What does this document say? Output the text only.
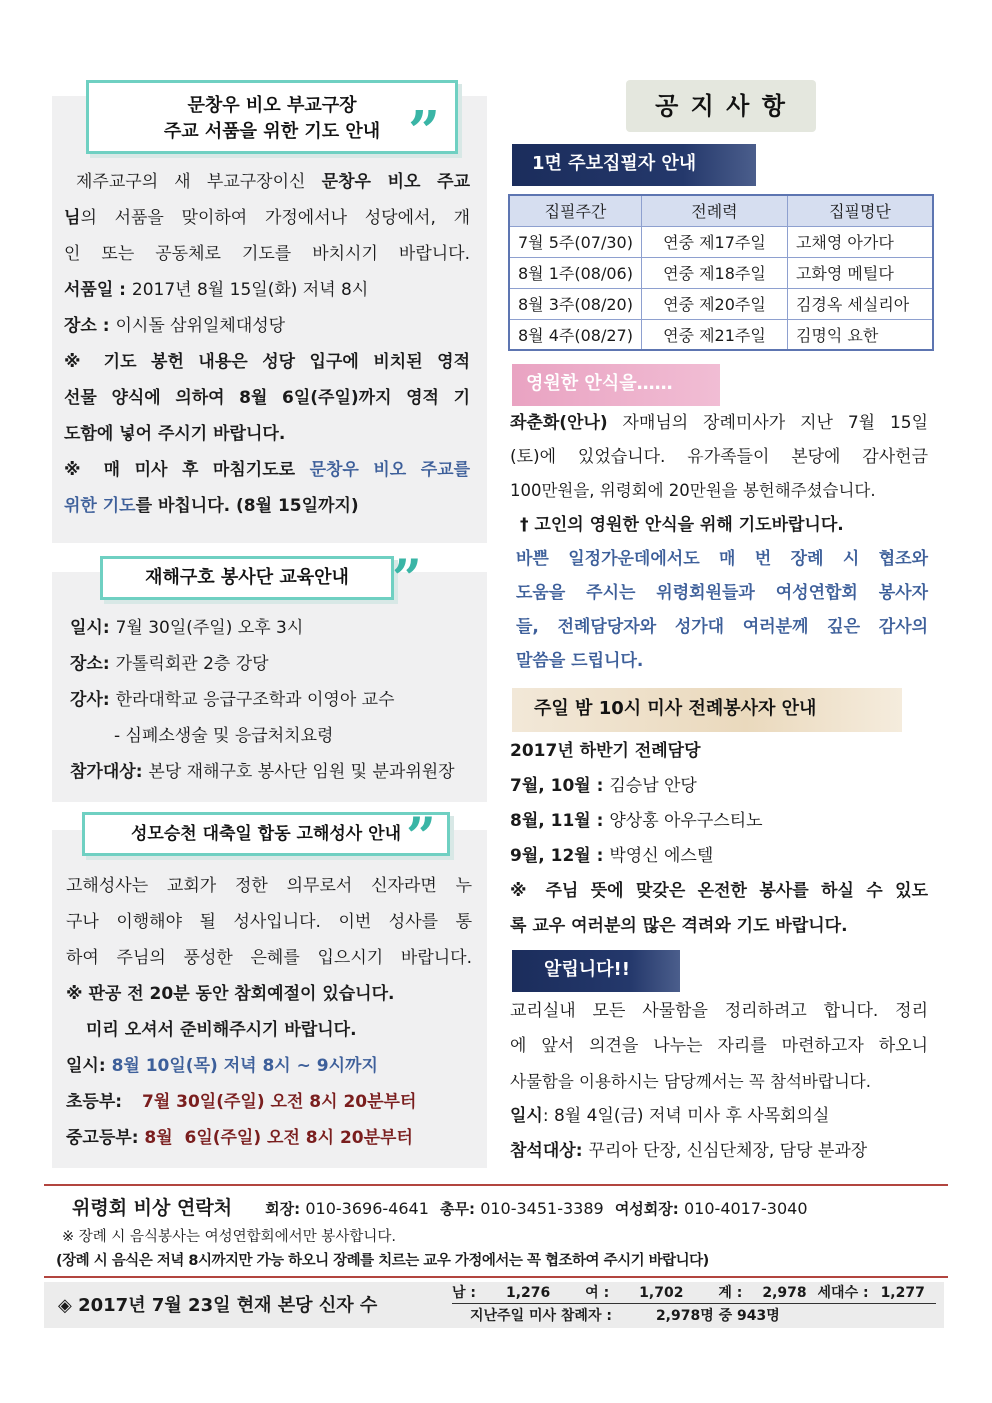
문창우 비오 부교구장
주교 서품을 위한 기도 안내 ”
제주교구의 새 부교구장이신 문창우 비오 주교
님의 서품을 맞이하여 가정에서나 성당에서, 개
인 또는 공동체로 기도를 바치시기 바랍니다.
서품일 : 2017년 8월 15일(화) 저녁 8시
장소 : 이시돌 삼위일체대성당
※ 기도 봉헌 내용은 성당 입구에 비치된 영적
선물 양식에 의하여 8월 6일(주일)까지 영적 기
도함에 넣어 주시기 바랍니다.
※ 매 미사 후 마침기도로 문창우 비오 주교를
위한 기도를 바칩니다. (8월 15일까지)
재해구호 봉사단 교육안내 ”
일시: 7월 30일(주일) 오후 3시
장소: 가톨릭회관 2층 강당
강사: 한라대학교 응급구조학과 이영아 교수
- 심폐소생술 및 응급처치요령
참가대상: 본당 재해구호 봉사단 임원 및 분과위원장
성모승천 대축일 합동 고해성사 안내 ”
고해성사는 교회가 정한 의무로서 신자라면 누
구나 이행해야 될 성사입니다. 이번 성사를 통
하여 주님의 풍성한 은혜를 입으시기 바랍니다.
※ 판공 전 20분 동안 참회예절이 있습니다.
미리 오셔서 준비해주시기 바랍니다.
일시: 8월 10일(목) 저녁 8시 ~ 9시까지
초등부: 7월 30일(주일) 오전 8시 20분부터
중고등부: 8월  6일(주일) 오전 8시 20분부터
공 지 사 항
1면 주보집필자 안내
집필주간	전례력	집필명단
7월 5주(07/30)	연중 제17주일	고채영 아가다
8월 1주(08/06)	연중 제18주일	고화영 메틸다
8월 3주(08/20)	연중 제20주일	김경옥 세실리아
8월 4주(08/27)	연중 제21주일	김명익 요한
영원한 안식을……
좌춘화(안나) 자매님의 장례미사가 지난 7월 15일
(토)에 있었습니다. 유가족들이 본당에 감사헌금
100만원을, 위령회에 20만원을 봉헌해주셨습니다.
† 고인의 영원한 안식을 위해 기도바랍니다.
바쁜 일정가운데에서도 매 번 장례 시 협조와
도움을 주시는 위령회원들과 여성연합회 봉사자
들, 전례담당자와 성가대 여러분께 깊은 감사의
말씀을 드립니다.
주일 밤 10시 미사 전례봉사자 안내
2017년 하반기 전례담당
7월, 10월 : 김승남 안당
8월, 11월 : 양상홍 아우구스티노
9월, 12월 : 박영신 에스텔
※ 주님 뜻에 맞갖은 온전한 봉사를 하실 수 있도
록 교우 여러분의 많은 격려와 기도 바랍니다.
알립니다!!
교리실내 모든 사물함을 정리하려고 합니다. 정리
에 앞서 의견을 나누는 자리를 마련하고자 하오니
사물함을 이용하시는 담당께서는 꼭 참석바랍니다.
일시: 8월 4일(금) 저녁 미사 후 사목회의실
참석대상: 꾸리아 단장, 신심단체장, 담당 분과장
위령회 비상 연락처 회장: 010-3696-4641 총무: 010-3451-3389 여성회장: 010-4017-3040
※ 장례 시 음식봉사는 여성연합회에서만 봉사합니다.
(장례 시 음식은 저녁 8시까지만 가능 하오니 장례를 치르는 교우 가정에서는 꼭 협조하여 주시기 바랍니다)
◈ 2017년 7월 23일 현재 본당 신자 수
남 : 1,276 여 : 1,702 계 : 2,978 세대수 : 1,277
지난주일 미사 참례자 :	2,978명 중 943명
